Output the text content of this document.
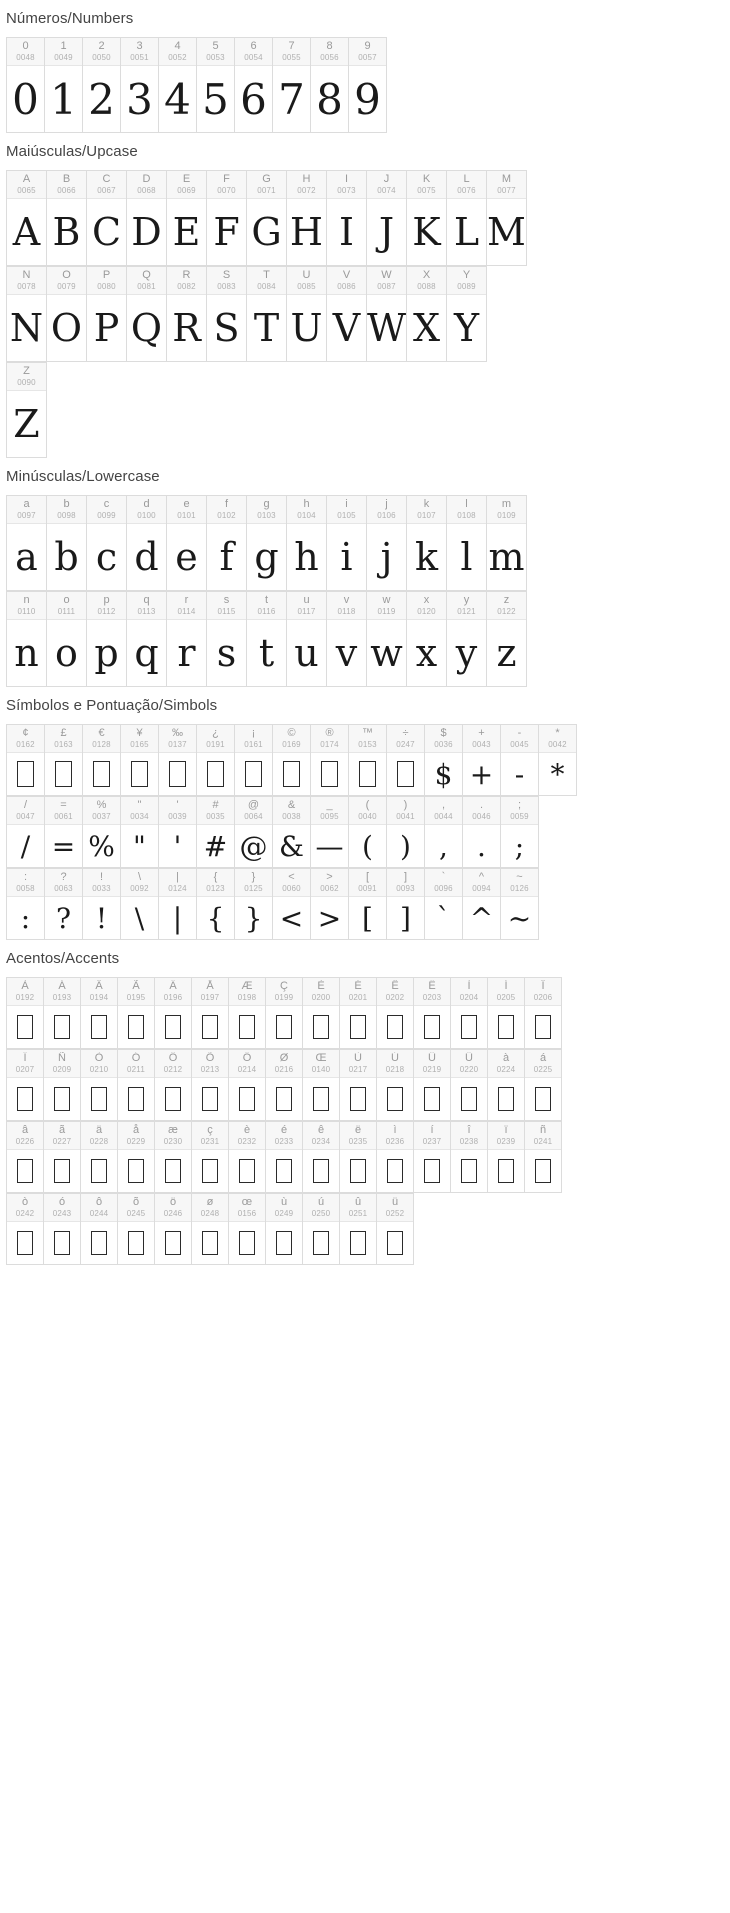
Números/Numbers
0
0048
0
1
0049
1
2
0050
2
3
0051
3
4
0052
4
5
0053
5
6
0054
6
7
0055
7
8
0056
8
9
0057
9
Maiúsculas/Upcase
A
0065
A
B
0066
B
C
0067
C
D
0068
D
E
0069
E
F
0070
F
G
0071
G
H
0072
H
I
0073
I
J
0074
J
K
0075
K
L
0076
L
M
0077
M
N
0078
N
O
0079
O
P
0080
P
Q
0081
Q
R
0082
R
S
0083
S
T
0084
T
U
0085
U
V
0086
V
W
0087
W
X
0088
X
Y
0089
Y
Z
0090
Z
Minúsculas/Lowercase
a
0097
a
b
0098
b
c
0099
c
d
0100
d
e
0101
e
f
0102
f
g
0103
g
h
0104
h
i
0105
i
j
0106
j
k
0107
k
l
0108
l
m
0109
m
n
0110
n
o
0111
o
p
0112
p
q
0113
q
r
0114
r
s
0115
s
t
0116
t
u
0117
u
v
0118
v
w
0119
w
x
0120
x
y
0121
y
z
0122
z
Símbolos e Pontuação/Simbols
¢
0162
£
0163
€
0128
¥
0165
‰
0137
¿
0191
¡
0161
©
0169
®
0174
™
0153
÷
0247
$
0036
$
+
0043
+
-
0045
-
*
0042
*
/
0047
/
=
0061
=
%
0037
%
"
0034
"
'
0039
'
#
0035
#
@
0064
@
&
0038
&
_
0095
—
(
0040
(
)
0041
)
,
0044
,
.
0046
.
;
0059
;
:
0058
:
?
0063
?
!
0033
!
\
0092
\
|
0124
|
{
0123
{
}
0125
}
<
0060
<
>
0062
>
[
0091
[
]
0093
]
`
0096
`
^
0094
^
~
0126
~
Acentos/Accents
À
0192
Á
0193
Â
0194
Ã
0195
Ä
0196
Å
0197
Æ
0198
Ç
0199
È
0200
É
0201
Ê
0202
Ë
0203
Ì
0204
Í
0205
Î
0206
Ï
0207
Ñ
0209
Ò
0210
Ó
0211
Ô
0212
Õ
0213
Ö
0214
Ø
0216
Œ
0140
Ù
0217
Ú
0218
Û
0219
Ü
0220
à
0224
á
0225
â
0226
ã
0227
ä
0228
å
0229
æ
0230
ç
0231
è
0232
é
0233
ê
0234
ë
0235
ì
0236
í
0237
î
0238
ï
0239
ñ
0241
ò
0242
ó
0243
ô
0244
õ
0245
ö
0246
ø
0248
œ
0156
ù
0249
ú
0250
û
0251
ü
0252
